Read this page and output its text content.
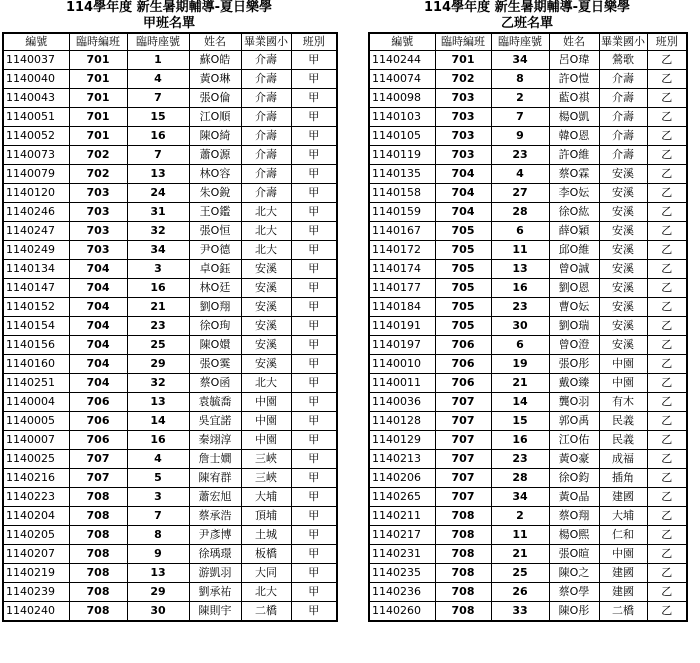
114學年度 新生暑期輔導-夏日樂學
甲班名單
編號	臨時編班	臨時座號	姓名	畢業國小	班別
1140037	701	1	蘇O皓	介壽	甲
1140040	701	4	黃O琳	介壽	甲
1140043	701	7	張O倫	介壽	甲
1140051	701	15	江O順	介壽	甲
1140052	701	16	陳O綺	介壽	甲
1140073	702	7	蕭O源	介壽	甲
1140079	702	13	林O容	介壽	甲
1140120	703	24	朱O銳	介壽	甲
1140246	703	31	王O鑑	北大	甲
1140247	703	32	張O恒	北大	甲
1140249	703	34	尹O德	北大	甲
1140134	704	3	卓O鈺	安溪	甲
1140147	704	16	林O廷	安溪	甲
1140152	704	21	劉O翔	安溪	甲
1140154	704	23	徐O珣	安溪	甲
1140156	704	25	陳O嬛	安溪	甲
1140160	704	29	張O霙	安溪	甲
1140251	704	32	蔡O函	北大	甲
1140004	706	13	袁毓喬	中園	甲
1140005	706	14	吳宜諾	中園	甲
1140007	706	16	秦翊淳	中園	甲
1140025	707	4	詹士嫺	三峽	甲
1140216	707	5	陳宥群	三峽	甲
1140223	708	3	蕭宏旭	大埔	甲
1140204	708	7	蔡承浩	頂埔	甲
1140205	708	8	尹彥博	土城	甲
1140207	708	9	徐瑀璟	板橋	甲
1140219	708	13	游凱羽	大同	甲
1140239	708	29	劉承祐	北大	甲
1140240	708	30	陳則宇	二橋	甲
114學年度 新生暑期輔導-夏日樂學
乙班名單
編號	臨時編班	臨時座號	姓名	畢業國小	班別
1140244	701	34	呂O瑋	鶯歌	乙
1140074	702	8	許O愷	介壽	乙
1140098	703	2	藍O祺	介壽	乙
1140103	703	7	楊O凱	介壽	乙
1140105	703	9	韓O恩	介壽	乙
1140119	703	23	許O維	介壽	乙
1140135	704	4	蔡O霖	安溪	乙
1140158	704	27	李O妘	安溪	乙
1140159	704	28	徐O紘	安溪	乙
1140167	705	6	薛O穎	安溪	乙
1140172	705	11	邱O維	安溪	乙
1140174	705	13	曾O誠	安溪	乙
1140177	705	16	劉O恩	安溪	乙
1140184	705	23	曹O妘	安溪	乙
1140191	705	30	劉O瑞	安溪	乙
1140197	706	6	曾O澄	安溪	乙
1140010	706	19	張O彤	中園	乙
1140011	706	21	戴O臻	中園	乙
1140036	707	14	龔O羽	有木	乙
1140128	707	15	郭O禹	民義	乙
1140129	707	16	江O佑	民義	乙
1140213	707	23	黃O豪	成福	乙
1140206	707	28	徐O鈞	插角	乙
1140265	707	34	黃O晶	建國	乙
1140211	708	2	蔡O翔	大埔	乙
1140217	708	11	楊O熙	仁和	乙
1140231	708	21	張O暄	中園	乙
1140235	708	25	陳O之	建國	乙
1140236	708	26	蔡O學	建國	乙
1140260	708	33	陳O彤	二橋	乙
